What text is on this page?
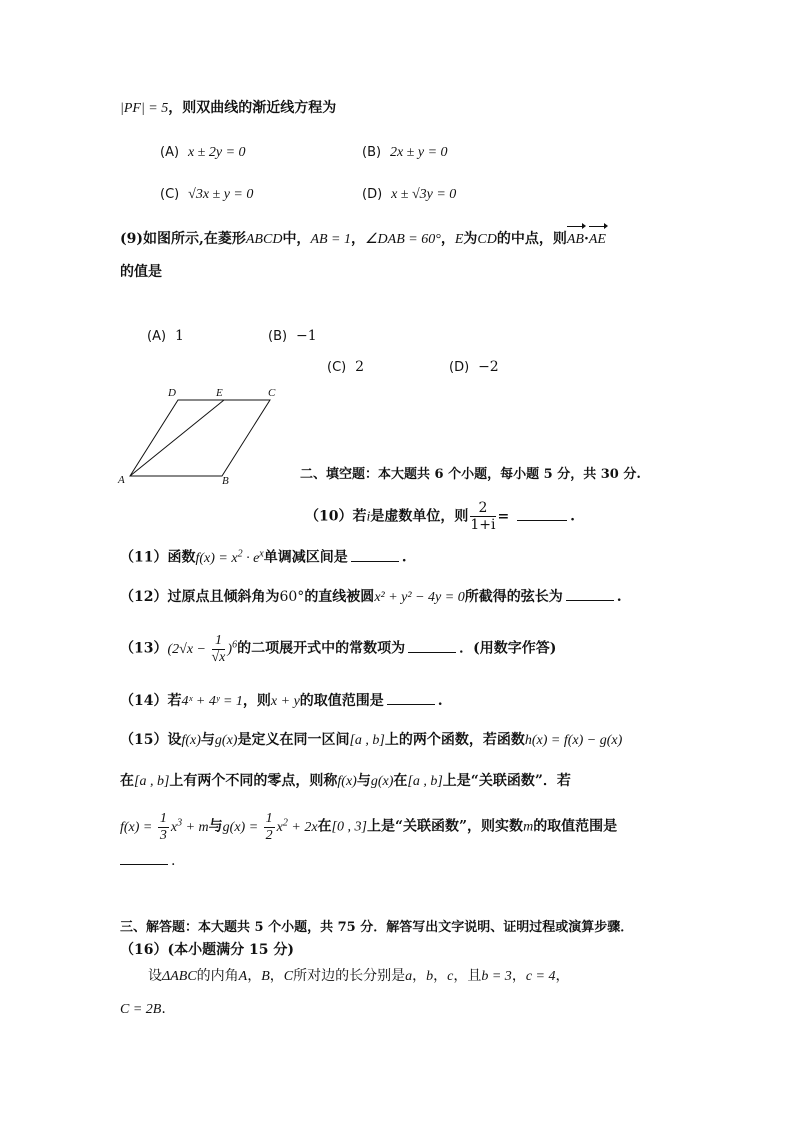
|PF| = 5，则双曲线的渐近线方程为
(A) x ± 2y = 0	(B) 2x ± y = 0
(C) √3x ± y = 0	(D) x ± √3y = 0
(9)如图所示,在菱形ABCD中，AB = 1，∠DAB = 60°，E为CD的中点，则AB·AE
的值是
(A) 1	(B) −1
(C) 2	(D) −2
A	B
C
D	E
二、填空题：本大题共 6 个小题，每小题 5 分，共 30 分.
（10）若i是虚数单位，则 $\frac{2}{1+i}$ =	.
（11）函数$f(x) = x^2 \cdot e^x$单调减区间是	.
（12）过原点且倾斜角为60°的直线被圆x² + y² − 4y = 0所截得的弦长为	.
$(13)(2√x - \frac{1}{√x} )^6$的二项展开式中的常数项为	．(用数字作答)
（14）若4ˣ + 4ʸ = 1，则x + y的取值范围是	.
（15）设f(x)与g(x)是定义在同一区间[a , b]上的两个函数，若函数h(x) = f(x) − g(x)
在[a , b]上有两个不同的零点，则称f(x)与g(x)在[a , b]上是“关联函数”．若
$f(x) = \frac{1}{3} x^3 + m$与$g(x) = \frac{1}{2} x^2 + 2x$在[0 , 3]上是“关联函数”，则实数m的取值范围是
.
三、解答题：本大题共 5 个小题，共 75 分．解答写出文字说明、证明过程或演算步骤．
（16）(本小题满分 15 分)
设ΔABC的内角A，B，C所对边的长分别是a，b，c，且b = 3，c = 4，
C = 2B.
